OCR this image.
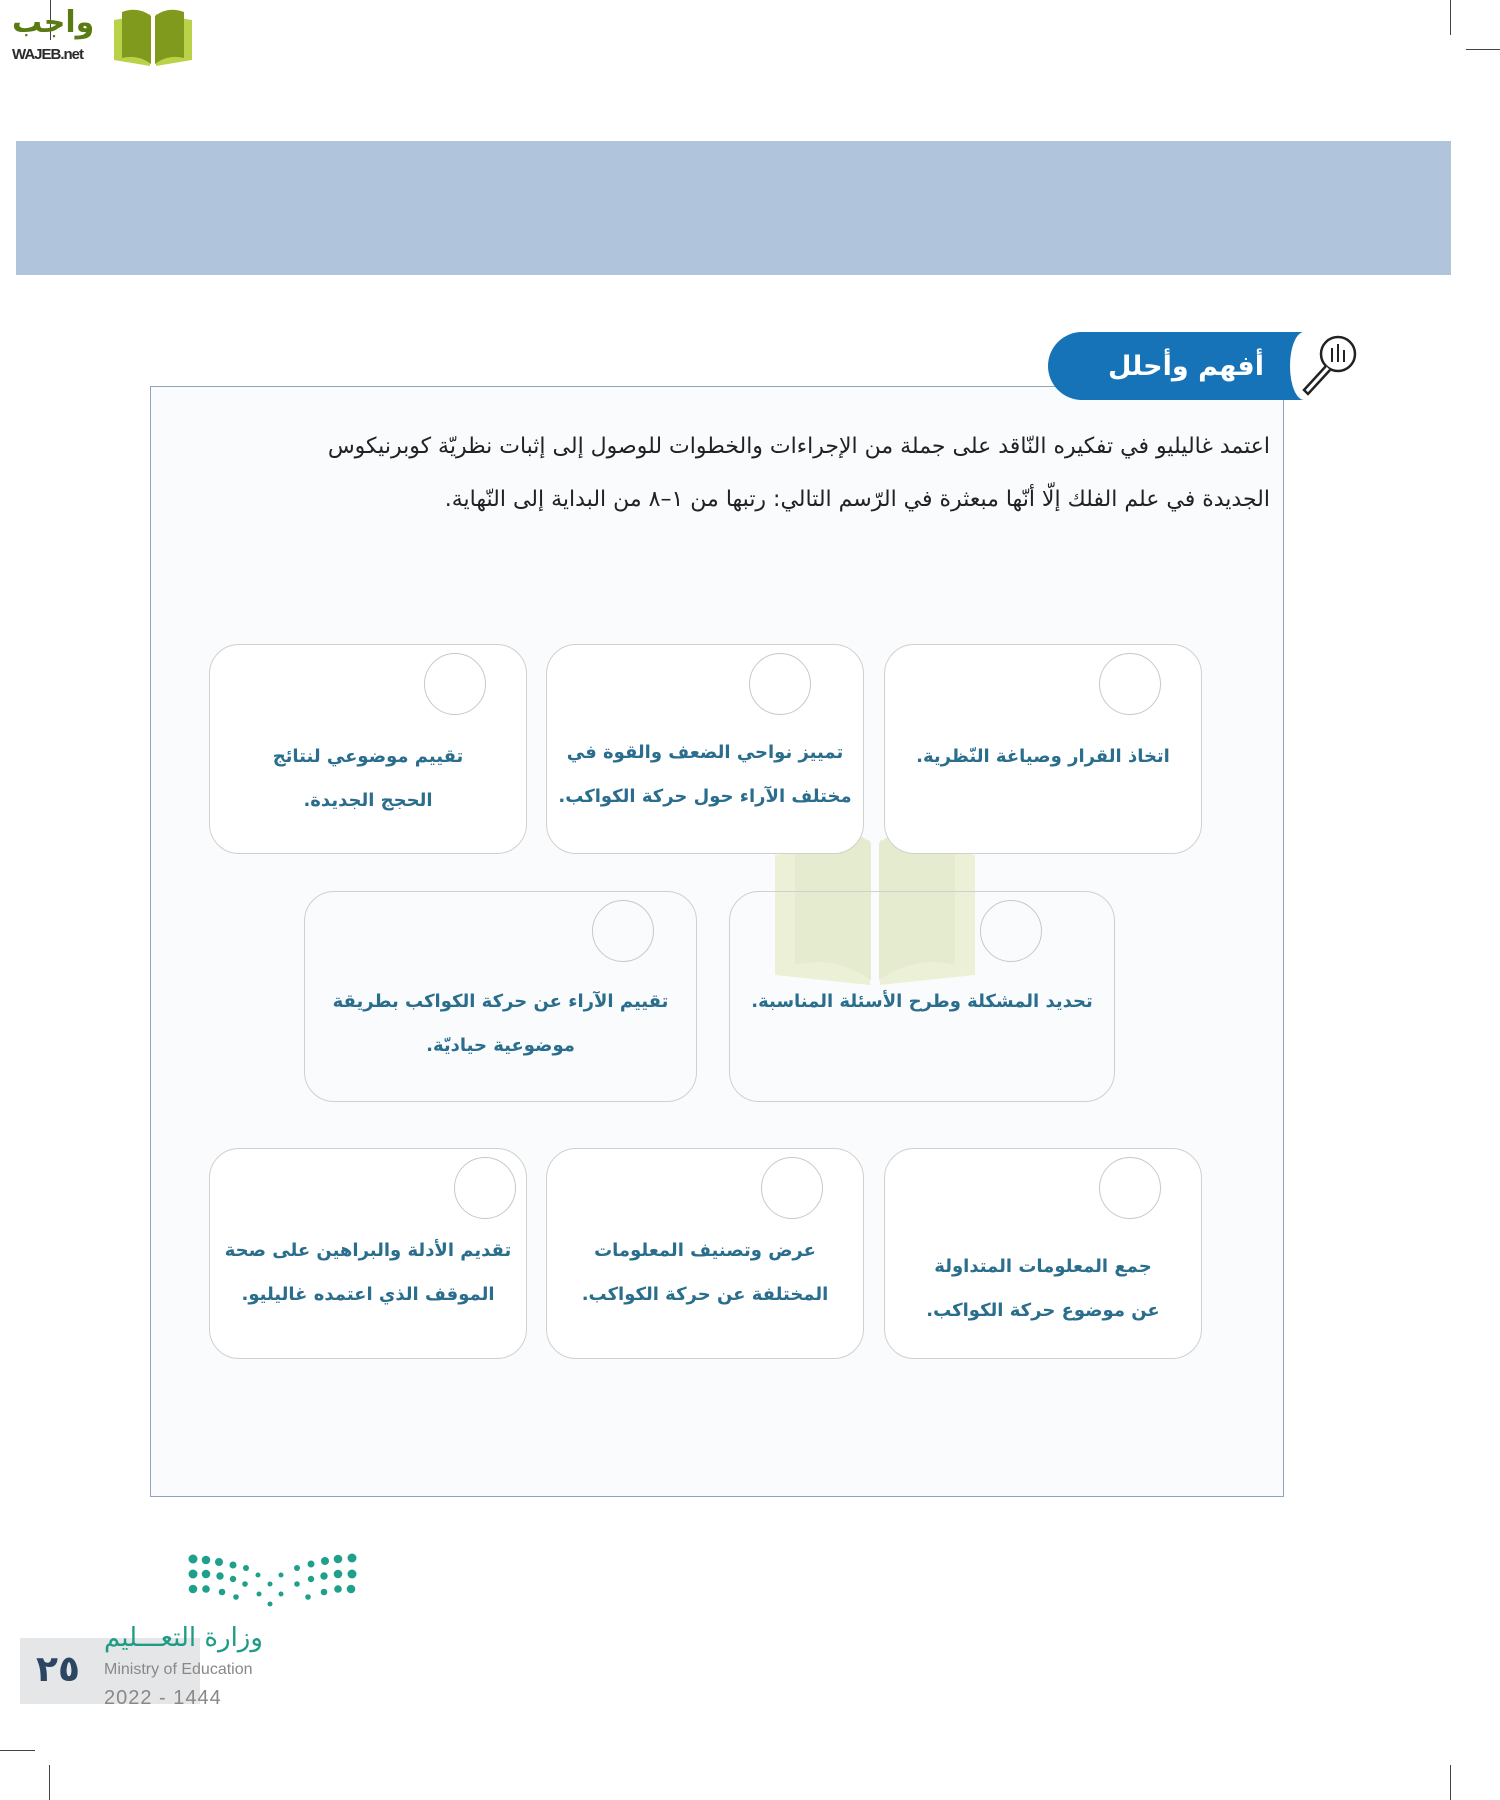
واجب
WAJEB.net
أفهم وأحلل
اعتمد غاليليو في تفكيره النّاقد على جملة من الإجراءات والخطوات للوصول إلى إثبات نظريّة كوبرنيكوس
الجديدة في علم الفلك إلّا أنّها مبعثرة في الرّسم التالي: رتبها من ١–٨ من البداية إلى النّهاية.
اتخاذ القرار وصياغة النّظرية.
تمييز نواحي الضعف والقوة في
مختلف الآراء حول حركة الكواكب.
تقييم موضوعي لنتائج
الحجج الجديدة.
تحديد المشكلة وطرح الأسئلة المناسبة.
تقييم الآراء عن حركة الكواكب بطريقة
موضوعية حياديّة.
جمع المعلومات المتداولة
عن موضوع حركة الكواكب.
عرض وتصنيف المعلومات
المختلفة عن حركة الكواكب.
تقديم الأدلة والبراهين على صحة
الموقف الذي اعتمده غاليليو.
وزارة التعـــليم
Ministry of Education
٢٥
2022 - 1444
